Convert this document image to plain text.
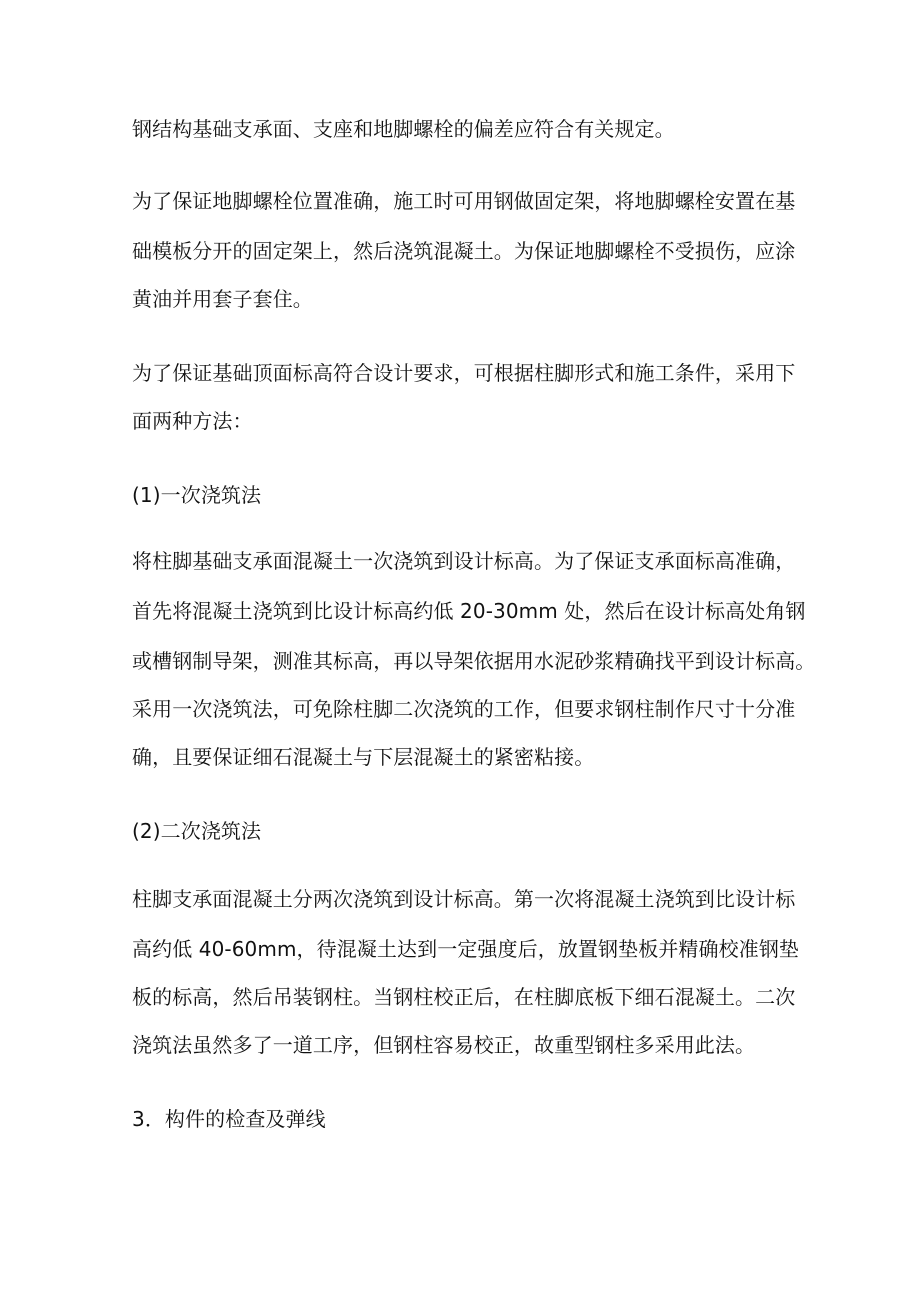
钢结构基础支承面、支座和地脚螺栓的偏差应符合有关规定。
为了保证地脚螺栓位置准确，施工时可用钢做固定架，将地脚螺栓安置在基
础模板分开的固定架上，然后浇筑混凝土。为保证地脚螺栓不受损伤，应涂
黄油并用套子套住。
为了保证基础顶面标高符合设计要求，可根据柱脚形式和施工条件，采用下
面两种方法：
(1)一次浇筑法
将柱脚基础支承面混凝土一次浇筑到设计标高。为了保证支承面标高准确，
首先将混凝土浇筑到比设计标高约低 20-30mm 处，然后在设计标高处角钢
或槽钢制导架，测准其标高，再以导架依据用水泥砂浆精确找平到设计标高。
采用一次浇筑法，可免除柱脚二次浇筑的工作，但要求钢柱制作尺寸十分准
确，且要保证细石混凝土与下层混凝土的紧密粘接。
(2)二次浇筑法
柱脚支承面混凝土分两次浇筑到设计标高。第一次将混凝土浇筑到比设计标
高约低 40-60mm，待混凝土达到一定强度后，放置钢垫板并精确校准钢垫
板的标高，然后吊装钢柱。当钢柱校正后，在柱脚底板下细石混凝土。二次
浇筑法虽然多了一道工序，但钢柱容易校正，故重型钢柱多采用此法。
3．构件的检查及弹线
